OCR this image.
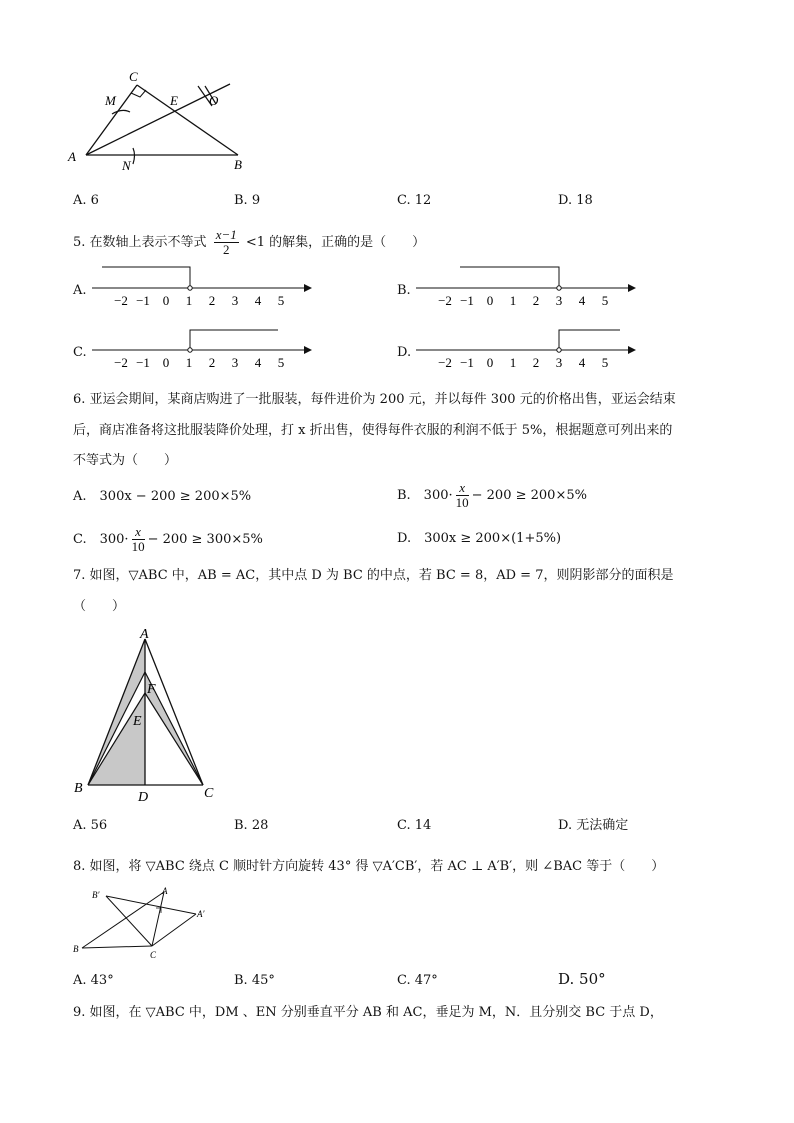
A
B
C
E
M
N
O
A. 6	B. 9	C. 12	D. 18
5. 在数轴上表示不等式 $\frac{x-1}{2} <1$ 的解集，正确的是（　　）
A.
−2 −1 0 1 2 3 4 5
B.
−2 −1 0 1 2 3 4 5
C.
−2 −1 0 1 2 3 4 5
D.
−2 −1 0 1 2 3 4 5
6. 亚运会期间，某商店购进了一批服装，每件进价为 200 元，并以每件 300 元的价格出售，亚运会结束
后，商店准备将这批服装降价处理，打 x 折出售，使得每件衣服的利润不低于 5%，根据题意可列出来的
不等式为（　　）
A.　300x − 200 ≥ 200×5%	B.　$300\cdot \frac{x}{10} - 200 \ge 200\times 5\%$
C.　$300\cdot \frac{x}{10} - 200 \ge 300\times 5\%$	D.　300x ≥ 200×(1+5%)
7. 如图，▽ABC 中，AB = AC，其中点 D 为 BC 的中点，若 BC = 8，AD = 7，则阴影部分的面积是
（　　）
A
B	C
D
E
F
A. 56	B. 28	C. 14	D. 无法确定
8. 如图，将 ▽ABC 绕点 C 顺时针方向旋转 43° 得 ▽A′CB′，若 AC ⊥ A′B′，则 ∠BAC 等于（　　）
B′	A
A′
B
C
A. 43°	B. 45°	C. 47°	D. 50°
9. 如图，在 ▽ABC 中，DM 、EN 分别垂直平分 AB 和 AC，垂足为 M，N．且分别交 BC 于点 D，
